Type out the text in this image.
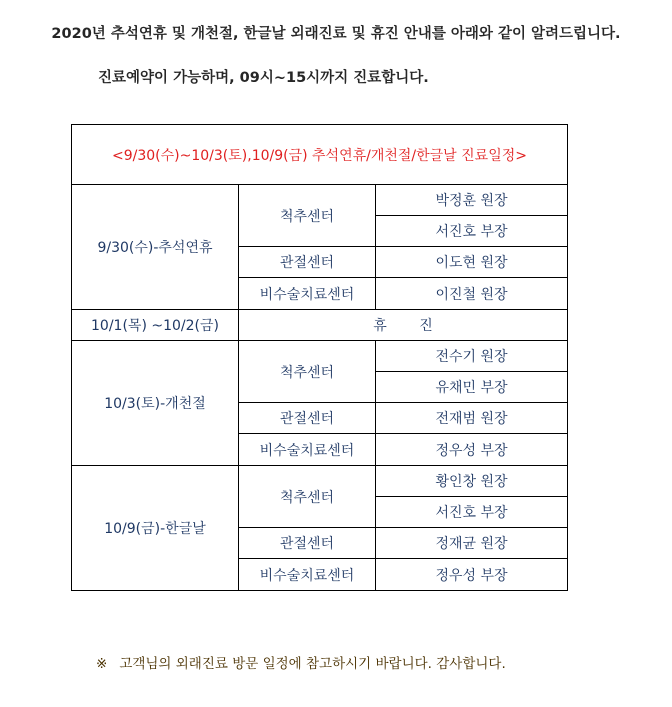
2020년 추석연휴 및 개천절, 한글날 외래진료 및 휴진 안내를 아래와 같이 알려드립니다.
진료예약이 가능하며, 09시~15시까지 진료합니다.
<9/30(수)~10/3(토),10/9(금) 추석연휴/개천절/한글날 진료일정>		
9/30(수)-추석연휴	척추센터	박정훈 원장
		서진호 부장
	관절센터	이도현 원장
	비수술치료센터	이진철 원장
10/1(목) ~10/2(금)	휴 진	
10/3(토)-개천절	척추센터	전수기 원장
		유채민 부장
	관절센터	전재범 원장
	비수술치료센터	정우성 부장
10/9(금)-한글날	척추센터	황인창 원장
		서진호 부장
	관절센터	정재균 원장
	비수술치료센터	정우성 부장
※ 고객님의 외래진료 방문 일정에 참고하시기 바랍니다. 감사합니다.
